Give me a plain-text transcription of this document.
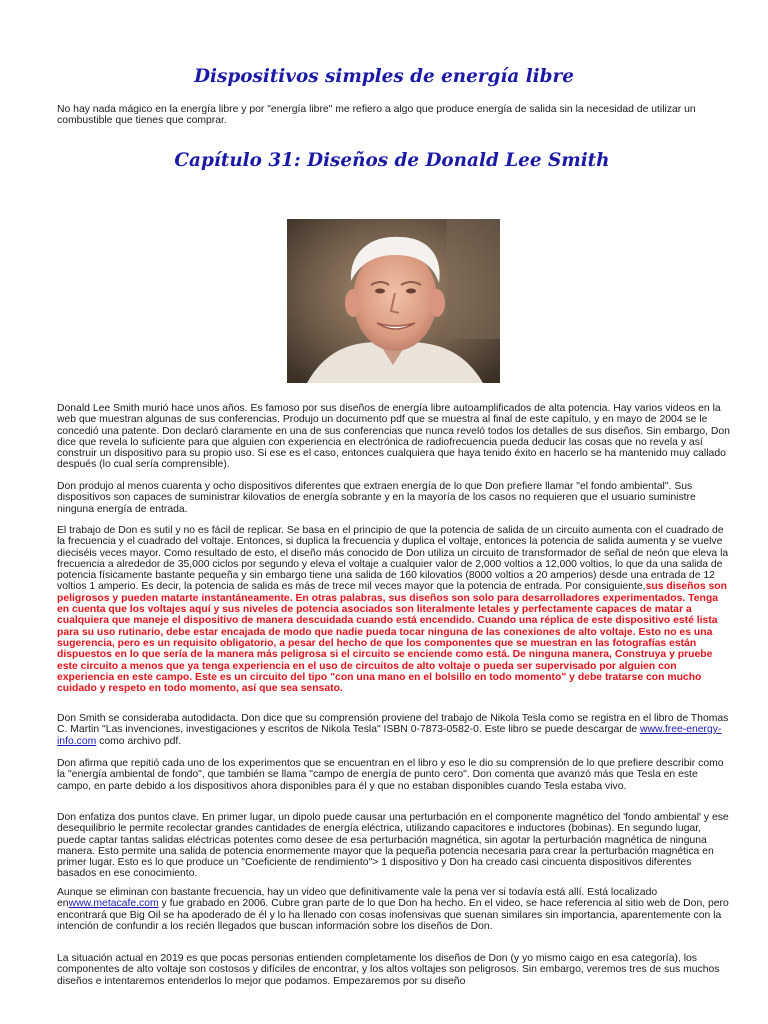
Dispositivos simples de energía libre

No hay nada mágico en la energía libre y por "energía libre" me refiero a algo que produce energía de salida sin la necesidad de utilizar un combustible que tienes que comprar.

Capítulo 31: Diseños de Donald Lee Smith

Donald Lee Smith murió hace unos años. Es famoso por sus diseños de energía libre autoamplificados de alta potencia. Hay varios videos en la web que muestran algunas de sus conferencias. Produjo un documento pdf que se muestra al final de este capítulo, y en mayo de 2004 se le concedió una patente. Don declaró claramente en una de sus conferencias que nunca reveló todos los detalles de sus diseños. Sin embargo, Don dice que revela lo suficiente para que alguien con experiencia en electrónica de radiofrecuencia pueda deducir las cosas que no revela y así construir un dispositivo para su propio uso. Si ese es el caso, entonces cualquiera que haya tenido éxito en hacerlo se ha mantenido muy callado después (lo cual sería comprensible).

Don produjo al menos cuarenta y ocho dispositivos diferentes que extraen energía de lo que Don prefiere llamar "el fondo ambiental". Sus dispositivos son capaces de suministrar kilovatios de energía sobrante y en la mayoría de los casos no requieren que el usuario suministre ninguna energía de entrada.

El trabajo de Don es sutil y no es fácil de replicar. Se basa en el principio de que la potencia de salida de un circuito aumenta con el cuadrado de la frecuencia y el cuadrado del voltaje. Entonces, si duplica la frecuencia y duplica el voltaje, entonces la potencia de salida aumenta y se vuelve dieciséis veces mayor. Como resultado de esto, el diseño más conocido de Don utiliza un circuito de transformador de señal de neón que eleva la frecuencia a alrededor de 35,000 ciclos por segundo y eleva el voltaje a cualquier valor de 2,000 voltios a 12,000 voltios, lo que da una salida de potencia físicamente bastante pequeña y sin embargo tiene una salida de 160 kilovatios (8000 voltios a 20 amperios) desde una entrada de 12 voltios 1 amperio. Es decir, la potencia de salida es más de trece mil veces mayor que la potencia de entrada. Por consiguiente,sus diseños son peligrosos y pueden matarte instantáneamente. En otras palabras, sus diseños son solo para desarrolladores experimentados. Tenga en cuenta que los voltajes aquí y sus niveles de potencia asociados son literalmente letales y perfectamente capaces de matar a cualquiera que maneje el dispositivo de manera descuidada cuando está encendido. Cuando una réplica de este dispositivo esté lista para su uso rutinario, debe estar encajada de modo que nadie pueda tocar ninguna de las conexiones de alto voltaje. Esto no es una sugerencia, pero es un requisito obligatorio, a pesar del hecho de que los componentes que se muestran en las fotografías están dispuestos en lo que sería de la manera más peligrosa si el circuito se enciende como está. De ninguna manera, Construya y pruebe este circuito a menos que ya tenga experiencia en el uso de circuitos de alto voltaje o pueda ser supervisado por alguien con experiencia en este campo. Este es un circuito del tipo "con una mano en el bolsillo en todo momento" y debe tratarse con mucho cuidado y respeto en todo momento, así que sea sensato.

Don Smith se consideraba autodidacta. Don dice que su comprensión proviene del trabajo de Nikola Tesla como se registra en el libro de Thomas C. Martin "Las invenciones, investigaciones y escritos de Nikola Tesla" ISBN 0-7873-0582-0. Este libro se puede descargar de www.free-energy-info.com como archivo pdf.

Don afirma que repitió cada uno de los experimentos que se encuentran en el libro y eso le dio su comprensión de lo que prefiere describir como la "energía ambiental de fondo", que también se llama "campo de energía de punto cero". Don comenta que avanzó más que Tesla en este campo, en parte debido a los dispositivos ahora disponibles para él y que no estaban disponibles cuando Tesla estaba vivo.

Don enfatiza dos puntos clave. En primer lugar, un dipolo puede causar una perturbación en el componente magnético del 'fondo ambiental' y ese desequilibrio le permite recolectar grandes cantidades de energía eléctrica, utilizando capacitores e inductores (bobinas). En segundo lugar, puede captar tantas salidas eléctricas potentes como desee de esa perturbación magnética, sin agotar la perturbación magnética de ninguna manera. Esto permite una salida de potencia enormemente mayor que la pequeña potencia necesaria para crear la perturbación magnética en primer lugar. Esto es lo que produce un "Coeficiente de rendimiento"> 1 dispositivo y Don ha creado casi cincuenta dispositivos diferentes basados en ese conocimiento.

Aunque se eliminan con bastante frecuencia, hay un video que definitivamente vale la pena ver si todavía está allí. Está localizado enwww.metacafe.com y fue grabado en 2006. Cubre gran parte de lo que Don ha hecho. En el video, se hace referencia al sitio web de Don, pero encontrará que Big Oil se ha apoderado de él y lo ha llenado con cosas inofensivas que suenan similares sin importancia, aparentemente con la intención de confundir a los recién llegados que buscan información sobre los diseños de Don.

La situación actual en 2019 es que pocas personas entienden completamente los diseños de Don (y yo mismo caigo en esa categoría), los componentes de alto voltaje son costosos y difíciles de encontrar, y los altos voltajes son peligrosos. Sin embargo, veremos tres de sus muchos diseños e intentaremos entenderlos lo mejor que podamos. Empezaremos por su diseño
